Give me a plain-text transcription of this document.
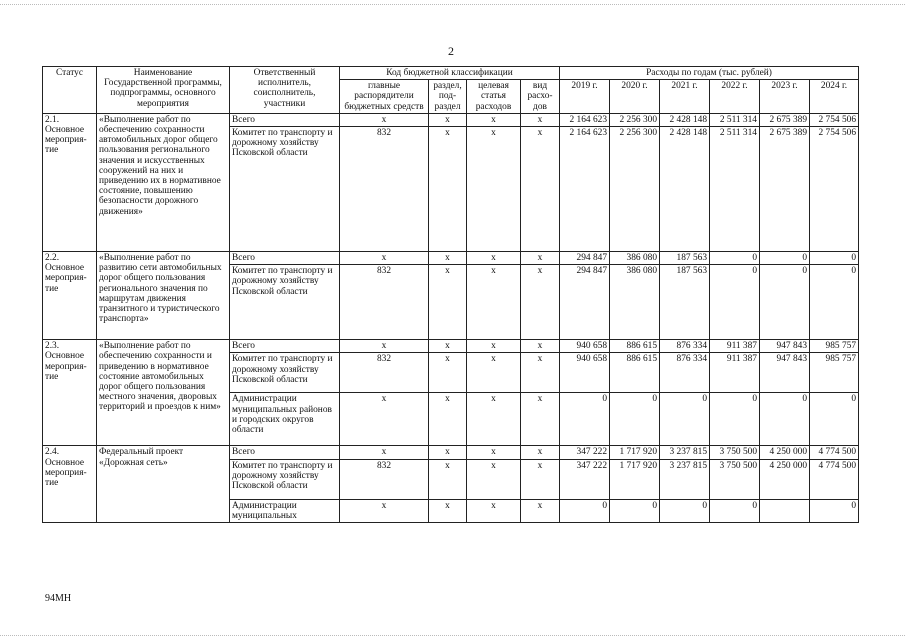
2
Статус	Наименование Государственной программы, подпрограммы, основного мероприятия	Ответственный исполнитель, соисполнитель, участники	Код бюджетной классификации				Расходы по годам (тыс. рублей)					
			главные распорядители бюджетных средств	раздел, под-раздел	целевая статья расходов	вид расхо-дов	2019 г.	2020 г.	2021 г.	2022 г.	2023 г.	2024 г.
2.1. Основное мероприя-тие	«Выполнение работ по обеспечению сохранности автомобильных дорог общего пользования регионального значения и искусственных сооружений на них и приведению их в нормативное состояние, повышению безопасности дорожного движения»	Всего	x	x	x	x	2 164 623	2 256 300	2 428 148	2 511 314	2 675 389	2 754 506
		Комитет по транспорту и дорожному хозяйству Псковской области	832	x	x	x	2 164 623	2 256 300	2 428 148	2 511 314	2 675 389	2 754 506
2.2. Основное мероприя-тие	«Выполнение работ по развитию сети автомобильных дорог общего пользования регионального значения по маршрутам движения транзитного и туристического транспорта»	Всего	x	x	x	x	294 847	386 080	187 563	0	0	0
		Комитет по транспорту и дорожному хозяйству Псковской области	832	x	x	x	294 847	386 080	187 563	0	0	0
2.3. Основное мероприя-тие	«Выполнение работ по обеспечению сохранности и приведению в нормативное состояние автомобильных дорог общего пользования местного значения, дворовых территорий и проездов к ним»	Всего	x	x	x	x	940 658	886 615	876 334	911 387	947 843	985 757
		Комитет по транспорту и дорожному хозяйству Псковской области	832	x	x	x	940 658	886 615	876 334	911 387	947 843	985 757
		Администрации муниципальных районов и городских округов области	x	x	x	x	0	0	0	0	0	0
2.4. Основное мероприя-тие	Федеральный проект «Дорожная сеть»	Всего	x	x	x	x	347 222	1 717 920	3 237 815	3 750 500	4 250 000	4 774 500
		Комитет по транспорту и дорожному хозяйству Псковской области	832	x	x	x	347 222	1 717 920	3 237 815	3 750 500	4 250 000	4 774 500
		Администрации муниципальных	x	x	x	x	0	0	0	0		0
94МН
